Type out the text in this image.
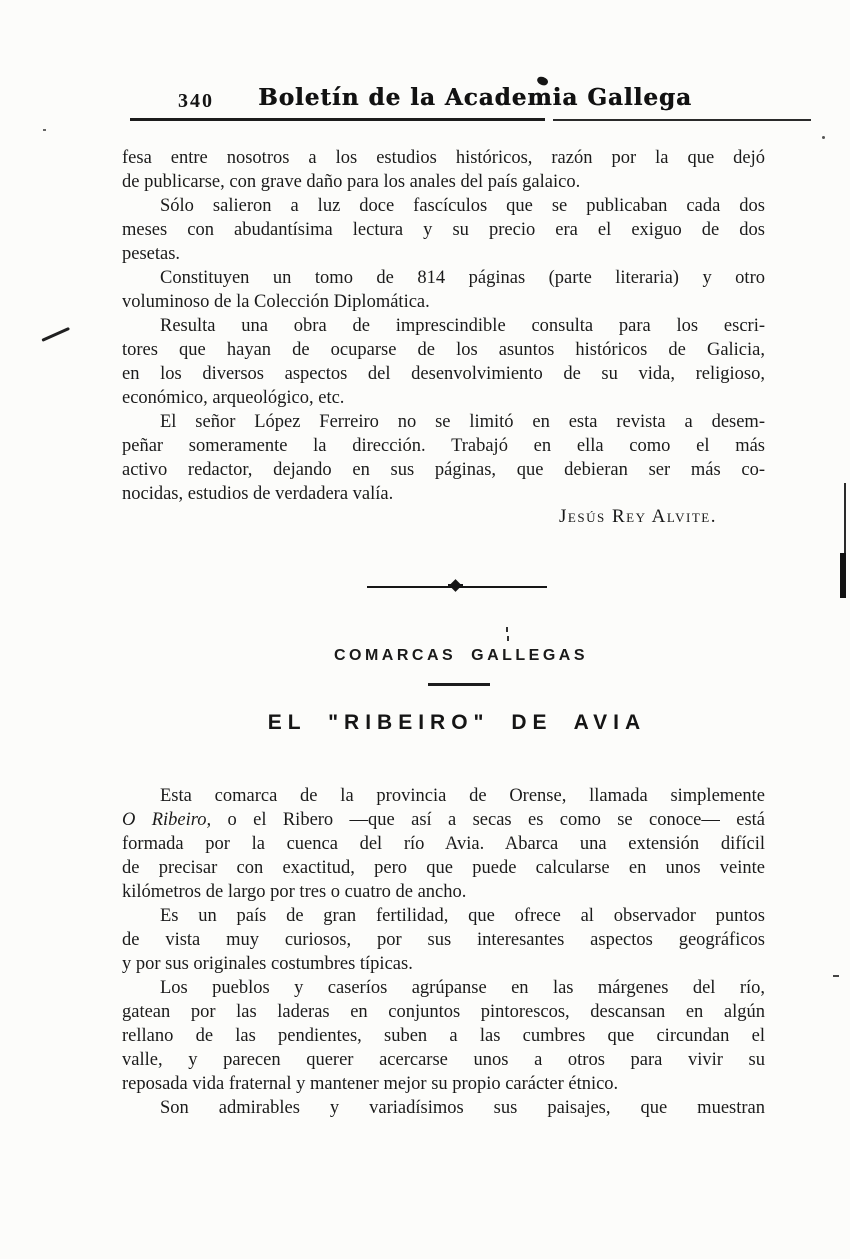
340	Boletín de la Academia Gallega
fesa entre nosotros a los estudios históricos, razón por la que dejó
de publicarse, con grave daño para los anales del país galaico.
Sólo salieron a luz doce fascículos que se publicaban cada dos
meses con abudantísima lectura y su precio era el exiguo de dos
pesetas.
Constituyen un tomo de 814 páginas (parte literaria) y otro
voluminoso de la Colección Diplomática.
Resulta una obra de imprescindible consulta para los escri-
tores que hayan de ocuparse de los asuntos históricos de Galicia,
en los diversos aspectos del desenvolvimiento de su vida, religioso,
económico, arqueológico, etc.
El señor López Ferreiro no se limitó en esta revista a desem-
peñar someramente la dirección. Trabajó en ella como el más
activo redactor, dejando en sus páginas, que debieran ser más co-
nocidas, estudios de verdadera valía.
Jesús Rey Alvite.
COMARCAS GALLEGAS
EL "RIBEIRO" DE AVIA
Esta comarca de la provincia de Orense, llamada simplemente
O Ribeiro, o el Ribero —que así a secas es como se conoce— está
formada por la cuenca del río Avia. Abarca una extensión difícil
de precisar con exactitud, pero que puede calcularse en unos veinte
kilómetros de largo por tres o cuatro de ancho.
Es un país de gran fertilidad, que ofrece al observador puntos
de vista muy curiosos, por sus interesantes aspectos geográficos
y por sus originales costumbres típicas.
Los pueblos y caseríos agrúpanse en las márgenes del río,
gatean por las laderas en conjuntos pintorescos, descansan en algún
rellano de las pendientes, suben a las cumbres que circundan el
valle, y parecen querer acercarse unos a otros para vivir su
reposada vida fraternal y mantener mejor su propio carácter étnico.
Son admirables y variadísimos sus paisajes, que muestran
